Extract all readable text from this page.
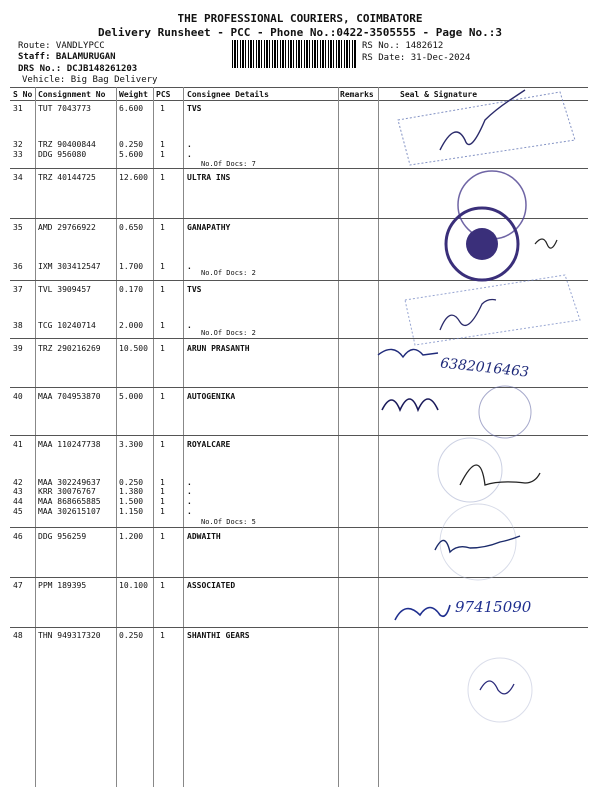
THE PROFESSIONAL COURIERS, COIMBATORE
Delivery Runsheet - PCC - Phone No.:0422-3505555 - Page No.:3
Route: VANDLYPCC
Staff: BALAMURUGAN
DRS No.: DCJB148261203
Vehicle: Big Bag Delivery
RS No.: 1482612
RS Date: 31-Dec-2024
S No Consignment No Weight PCS Consignee Details	Remarks	Seal & Signature
31 TUT 7043773	6.600 1	TVS
32 TRZ 90400844	0.250 1	.
33 DDG 956080	5.600 1	.
34 TRZ 40144725	12.600 1	ULTRA INS
35 AMD 29766922	0.650 1	GANAPATHY
36 IXM 303412547 1.700 1	.
37 TVL 3909457	0.170 1	TVS
38 TCG 10240714	2.000 1	.
39 TRZ 290216269 10.500 1	ARUN PRASANTH
40 MAA 704953870 5.000 1	AUTOGENIKA
41 MAA 110247738 3.300 1	ROYALCARE
42 MAA 302249637 0.250 1	.
43 KRR 30076767	1.380 1	.
44 MAA 868665885 1.500 1	.
45 MAA 302615107 1.150 1	.
46 DDG 956259	1.200 1	ADWAITH
47 PPM 189395	10.100 1	ASSOCIATED
48 THN 949317320 0.250 1	SHANTHI GEARS
No.Of Docs: 7
No.Of Docs: 2
No.Of Docs: 2
No.Of Docs: 5
6382016463
97415090
